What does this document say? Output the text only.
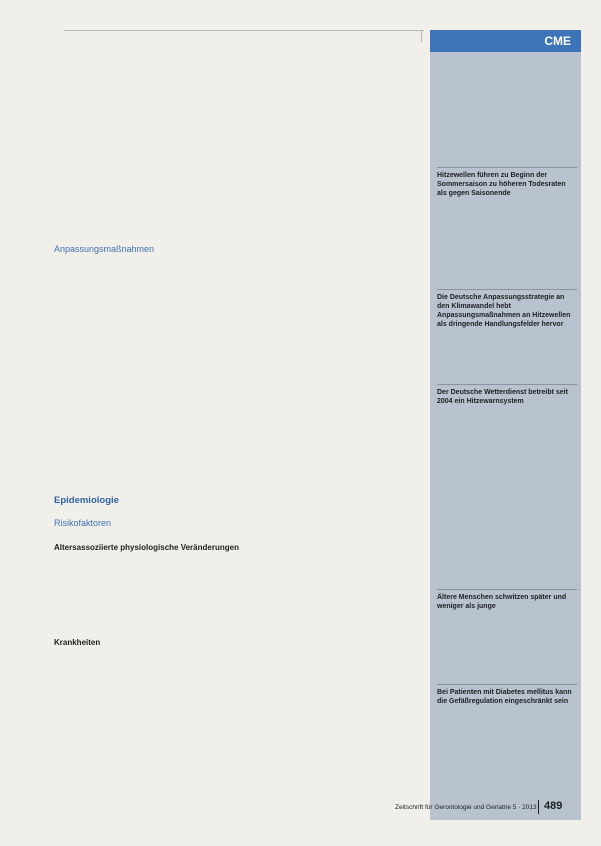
CME

Anpassungsmaßnahmen

Epidemiologie
Risikofaktoren
Altersassoziierte physiologische Veränderungen

Krankheiten

Hitzewellen führen zu Beginn der Sommersaison zu höheren Todesraten als gegen Saisonende
Die Deutsche Anpassungsstrategie an den Klimawandel hebt Anpassungsmaßnahmen an Hitzewellen als dringende Handlungsfelder hervor
Der Deutsche Wetterdienst betreibt seit 2004 ein Hitzewarnsystem
Ältere Menschen schwitzen später und weniger als junge
Bei Patienten mit Diabetes mellitus kann die Gefäßregulation eingeschränkt sein
Zeitschrift für Gerontologie und Geriatrie 5 · 2013 489
